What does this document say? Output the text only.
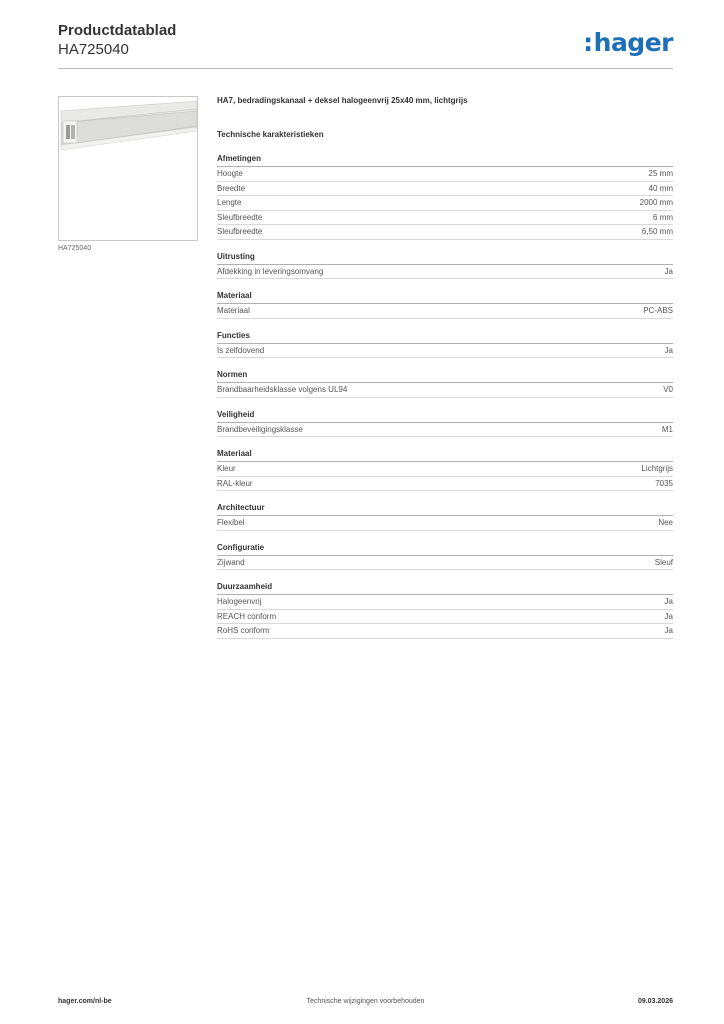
Productdatablad
HA725040	:hager
HA725040
HA7, bedradingskanaal + deksel halogeenvrij 25x40 mm, lichtgrijs
Technische karakteristieken
Afmetingen
Hoogte	25 mm
Breedte	40 mm
Lengte	2000 mm
Sleufbreedte	6 mm
Sleufbreedte	6,50 mm
Uitrusting
Afdekking in leveringsomvang	Ja
Materiaal
Materiaal	PC-ABS
Functies
Is zelfdovend	Ja
Normen
Brandbaarheidsklasse volgens UL94	V0
Veiligheid
Brandbeveiligingsklasse	M1
Materiaal
Kleur	Lichtgrijs
RAL-kleur	7035
Architectuur
Flexibel	Nee
Configuratie
Zijwand	Sleuf
Duurzaamheid
Halogeenvrij	Ja
REACH conform	Ja
RoHS conform	Ja
hager.com/nl-be	Technische wijzigingen voorbehouden	09.03.2026
